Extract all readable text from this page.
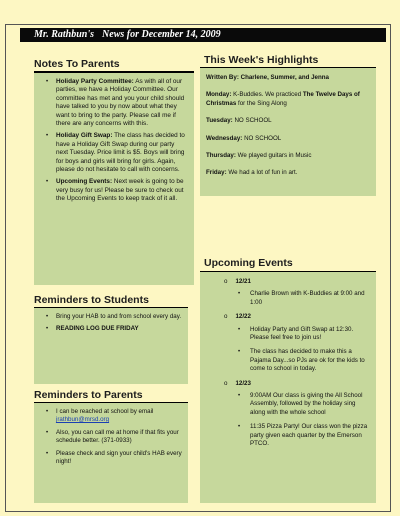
Mr. Rathbun's News for December 14, 2009
Notes To Parents
• Holiday Party Committee: As with all of our parties, we have a Holiday Committee. Our committee has met and you your child should have talked to you by now about what they want to bring to the party. Please call me if there are any concerns with this.
• Holiday Gift Swap: The class has decided to have a Holiday Gift Swap during our party next Tuesday. Price limit is $5. Boys will bring for boys and girls will bring for girls. Again, please do not hesitate to call with concerns.
• Upcoming Events: Next week is going to be very busy for us! Please be sure to check out the Upcoming Events to keep track of it all.
This Week's Highlights

Written By: Charlene, Summer, and Jenna

Monday: K-Buddies. We practiced The Twelve Days of Christmas for the Sing Along

Tuesday: NO SCHOOL

Wednesday: NO SCHOOL

Thursday: We played guitars in Music

Friday: We had a lot of fun in art.

Reminders to Students
• Bring your HAB to and from school every day.
• READING LOG DUE FRIDAY
Reminders to Parents
• I can be reached at school by email jrathbun@mrsd.org
• Also, you can call me at home if that fits your schedule better. (371-0933)
• Please check and sign your child's HAB every night!
Upcoming Events
o 12/21
• Charlie Brown with K-Buddies at 9:00 and 1:00
o 12/22
• Holiday Party and Gift Swap at 12:30. Please feel free to join us!
• The class has decided to make this a Pajama Day...so PJs are ok for the kids to come to school in today.
o 12/23
• 9:00AM Our class is giving the All School Assembly, followed by the holiday sing along with the whole school
• 11:35 Pizza Party! Our class won the pizza party given each quarter by the Emerson PTCO.
